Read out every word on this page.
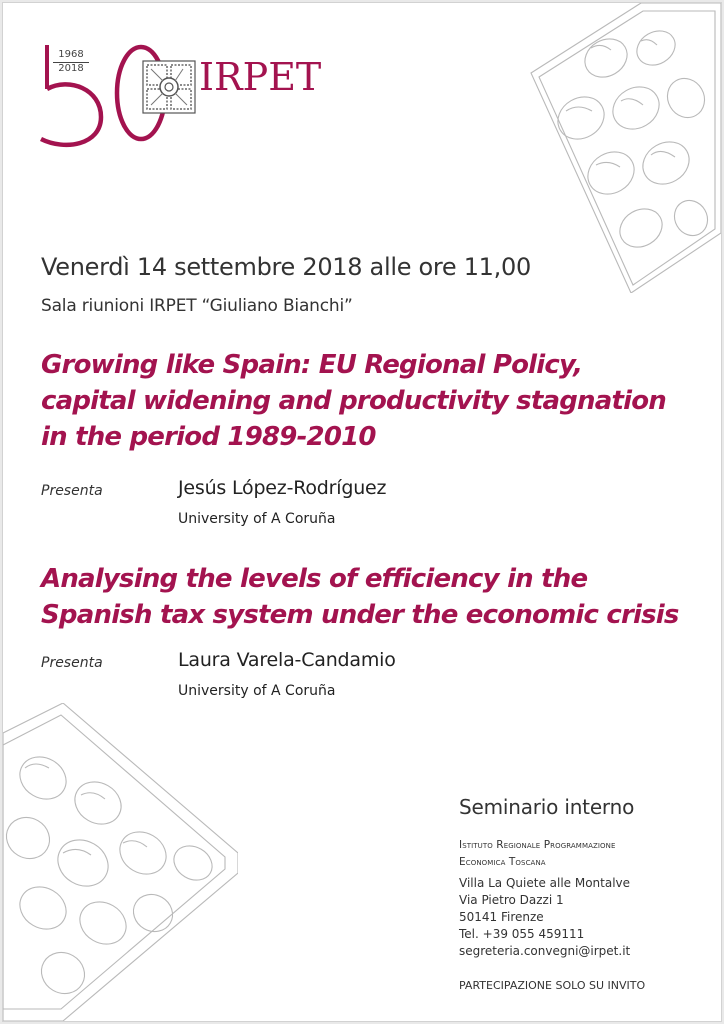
1968
2018	IRPET
Venerdì 14 settembre 2018 alle ore 11,00
Sala riunioni IRPET “Giuliano Bianchi”
Growing like Spain: EU Regional Policy,
capital widening and productivity stagnation
in the period 1989-2010
Presenta	Jesús López-Rodríguez
University of A Coruña
Analysing the levels of efficiency in the
Spanish tax system under the economic crisis
Presenta	Laura Varela-Candamio
University of A Coruña
Seminario interno
Istituto Regionale Programmazione
Economica Toscana
Villa La Quiete alle Montalve
Via Pietro Dazzi 1
50141 Firenze
Tel. +39 055 459111
segreteria.convegni@irpet.it
PARTECIPAZIONE SOLO SU INVITO
